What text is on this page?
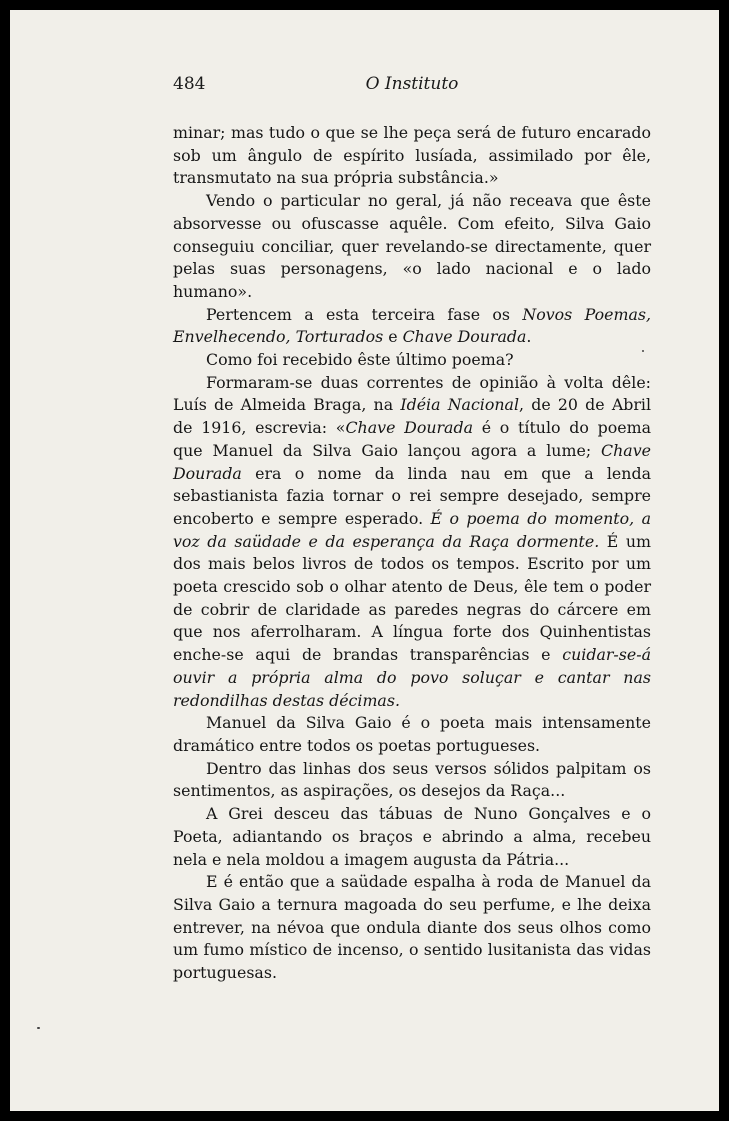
484	O Instituto

minar; mas tudo o que se lhe peça será de futuro encarado sob um ângulo de espírito lusíada, assimilado por êle, transmutato na sua própria substância.»

Vendo o particular no geral, já não receava que êste absorvesse ou ofuscasse aquêle. Com efeito, Silva Gaio conseguiu conciliar, quer revelando-se directamente, quer pelas suas personagens, «o lado nacional e o lado humano».

Pertencem a esta terceira fase os Novos Poemas, Envelhecendo, Torturados e Chave Dourada.

Como foi recebido êste último poema?

Formaram-se duas correntes de opinião à volta dêle: Luís de Almeida Braga, na Idéia Nacional, de 20 de Abril de 1916, escrevia: «Chave Dourada é o título do poema que Manuel da Silva Gaio lançou agora a lume; Chave Dourada era o nome da linda nau em que a lenda sebastianista fazia tornar o rei sempre desejado, sempre encoberto e sempre esperado. É o poema do momento, a voz da saüdade e da esperança da Raça dormente. É um dos mais belos livros de todos os tempos. Escrito por um poeta crescido sob o olhar atento de Deus, êle tem o poder de cobrir de claridade as paredes negras do cárcere em que nos aferrolharam. A língua forte dos Quinhentistas enche-se aqui de brandas transparências e cuidar-se-á ouvir a própria alma do povo soluçar e cantar nas redondilhas destas décimas.

Manuel da Silva Gaio é o poeta mais intensamente dramático entre todos os poetas portugueses.

Dentro das linhas dos seus versos sólidos palpitam os sentimentos, as aspirações, os desejos da Raça...

A Grei desceu das tábuas de Nuno Gonçalves e o Poeta, adiantando os braços e abrindo a alma, recebeu nela e nela moldou a imagem augusta da Pátria...

E é então que a saüdade espalha à roda de Manuel da Silva Gaio a ternura magoada do seu perfume, e lhe deixa entrever, na névoa que ondula diante dos seus olhos como um fumo místico de incenso, o sentido lusitanista das vidas portuguesas.
